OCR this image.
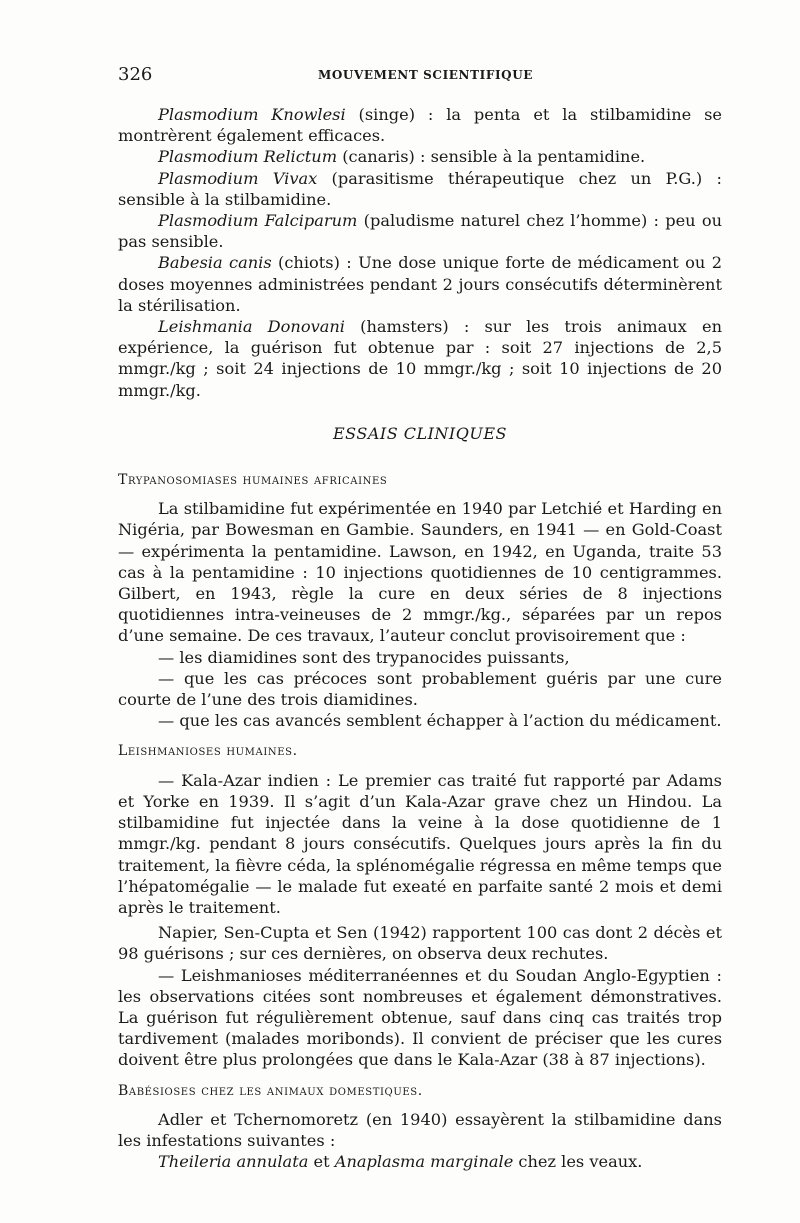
326	MOUVEMENT SCIENTIFIQUE

Plasmodium Knowlesi (singe) : la penta et la stilbamidine se montrèrent également efficaces.

Plasmodium Relictum (canaris) : sensible à la pentamidine.

Plasmodium Vivax (parasitisme thérapeutique chez un P.G.) : sensible à la stilbamidine.

Plasmodium Falciparum (paludisme naturel chez l’homme) : peu ou pas sensible.

Babesia canis (chiots) : Une dose unique forte de médicament ou 2 doses moyennes administrées pendant 2 jours consécutifs déterminèrent la stérilisation.

Leishmania Donovani (hamsters) : sur les trois animaux en expérience, la guérison fut obtenue par : soit 27 injections de 2,5 mmgr./kg ; soit 24 injections de 10 mmgr./kg ; soit 10 injections de 20 mmgr./kg.

ESSAIS CLINIQUES

Trypanosomiases humaines africaines

La stilbamidine fut expérimentée en 1940 par Letchié et Harding en Nigéria, par Bowesman en Gambie. Saunders, en 1941 — en Gold-Coast — expérimenta la pentamidine. Lawson, en 1942, en Uganda, traite 53 cas à la pentamidine : 10 injections quotidiennes de 10 centigrammes. Gilbert, en 1943, règle la cure en deux séries de 8 injections quotidiennes intra-veineuses de 2 mmgr./kg., séparées par un repos d’une semaine. De ces travaux, l’auteur conclut provisoirement que :

— les diamidines sont des trypanocides puissants,

— que les cas précoces sont probablement guéris par une cure courte de l’une des trois diamidines.

— que les cas avancés semblent échapper à l’action du médicament.

Leishmanioses humaines.

— Kala-Azar indien : Le premier cas traité fut rapporté par Adams et Yorke en 1939. Il s’agit d’un Kala-Azar grave chez un Hindou. La stilbamidine fut injectée dans la veine à la dose quotidienne de 1 mmgr./kg. pendant 8 jours consécutifs. Quelques jours après la fin du traitement, la fièvre céda, la splénomégalie régressa en même temps que l’hépatomégalie — le malade fut exeaté en parfaite santé 2 mois et demi après le traitement.

Napier, Sen-Cupta et Sen (1942) rapportent 100 cas dont 2 décès et 98 guérisons ; sur ces dernières, on observa deux rechutes.

— Leishmanioses méditerranéennes et du Soudan Anglo-Egyptien : les observations citées sont nombreuses et également démonstratives. La guérison fut régulièrement obtenue, sauf dans cinq cas traités trop tardivement (malades moribonds). Il convient de préciser que les cures doivent être plus prolongées que dans le Kala-Azar (38 à 87 injections).

Babésioses chez les animaux domestiques.

Adler et Tchernomoretz (en 1940) essayèrent la stilbamidine dans les infestations suivantes :

Theileria annulata et Anaplasma marginale chez les veaux.
